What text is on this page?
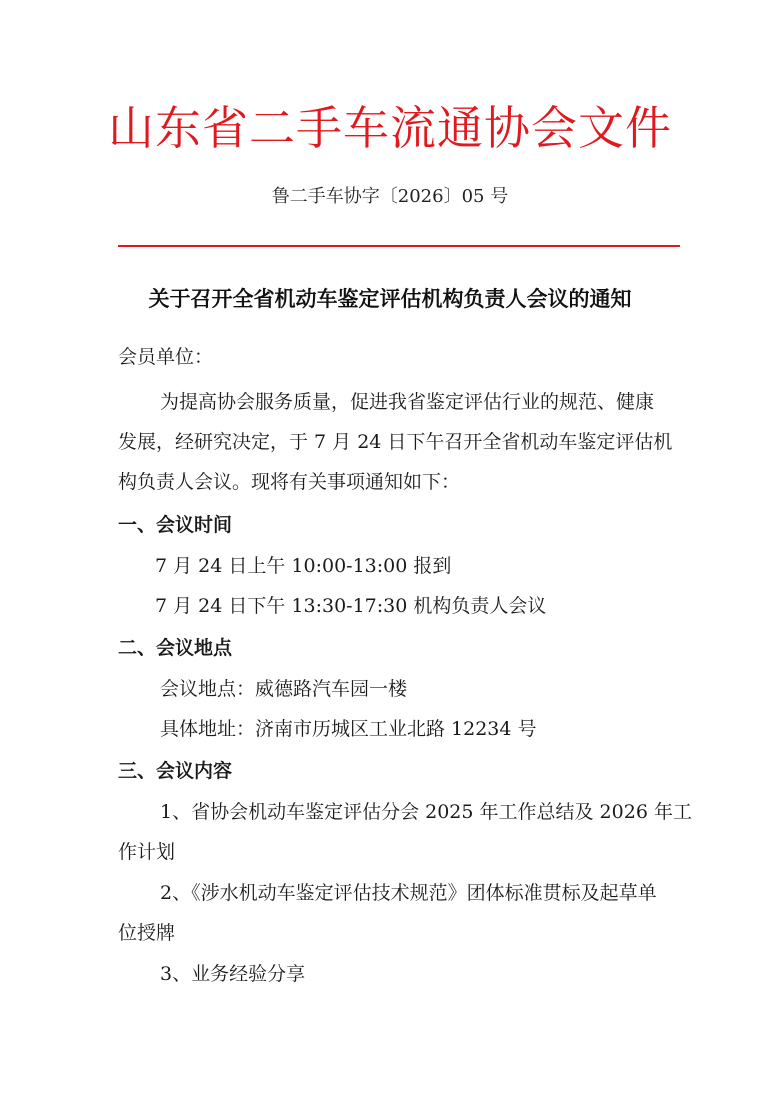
山东省二手车流通协会文件
鲁二手车协字〔2026〕05 号
关于召开全省机动车鉴定评估机构负责人会议的通知
会员单位：
为提高协会服务质量，促进我省鉴定评估行业的规范、健康
发展，经研究决定，于 7 月 24 日下午召开全省机动车鉴定评估机
构负责人会议。现将有关事项通知如下：
一、会议时间
7 月 24 日上午 10:00-13:00 报到
7 月 24 日下午 13:30-17:30 机构负责人会议
二、会议地点
会议地点：威德路汽车园一楼
具体地址：济南市历城区工业北路 12234 号
三、会议内容
1、省协会机动车鉴定评估分会 2025 年工作总结及 2026 年工
作计划
2、《涉水机动车鉴定评估技术规范》团体标准贯标及起草单
位授牌
3、业务经验分享
